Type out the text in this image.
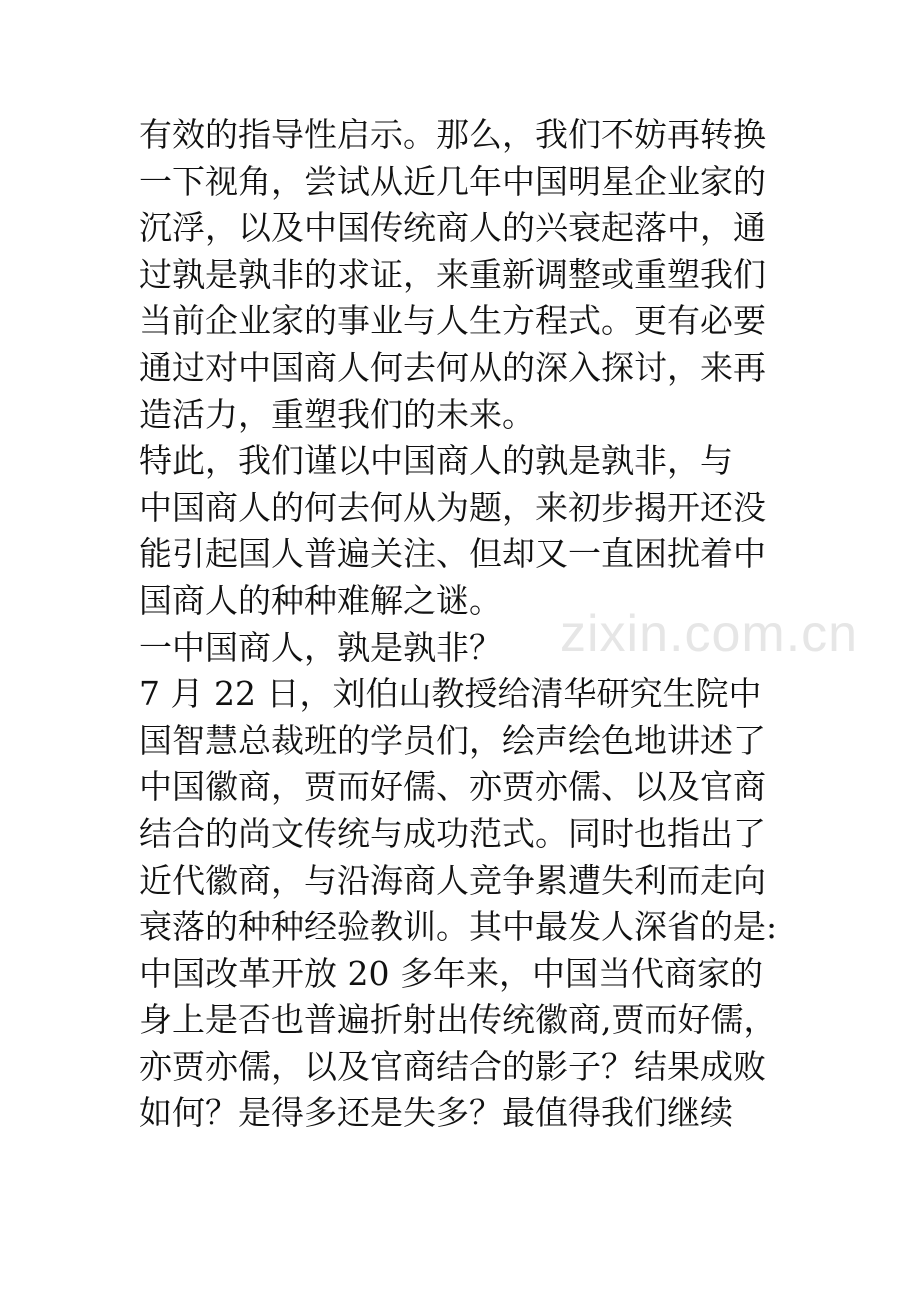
zixin.com.cn
有效的指导性启示。那么，我们不妨再转换
一下视角，尝试从近几年中国明星企业家的
沉浮，以及中国传统商人的兴衰起落中，通
过孰是孰非的求证，来重新调整或重塑我们
当前企业家的事业与人生方程式。更有必要
通过对中国商人何去何从的深入探讨，来再
造活力，重塑我们的未来。
特此，我们谨以中国商人的孰是孰非，与
中国商人的何去何从为题，来初步揭开还没
能引起国人普遍关注、但却又一直困扰着中
国商人的种种难解之谜。
一中国商人，孰是孰非？
7 月 22 日，刘伯山教授给清华研究生院中
国智慧总裁班的学员们，绘声绘色地讲述了
中国徽商，贾而好儒、亦贾亦儒、以及官商
结合的尚文传统与成功范式。同时也指出了
近代徽商，与沿海商人竞争累遭失利而走向
衰落的种种经验教训。其中最发人深省的是:
中国改革开放 20 多年来，中国当代商家的
身上是否也普遍折射出传统徽商,贾而好儒，
亦贾亦儒，以及官商结合的影子？结果成败
如何？是得多还是失多？最值得我们继续
